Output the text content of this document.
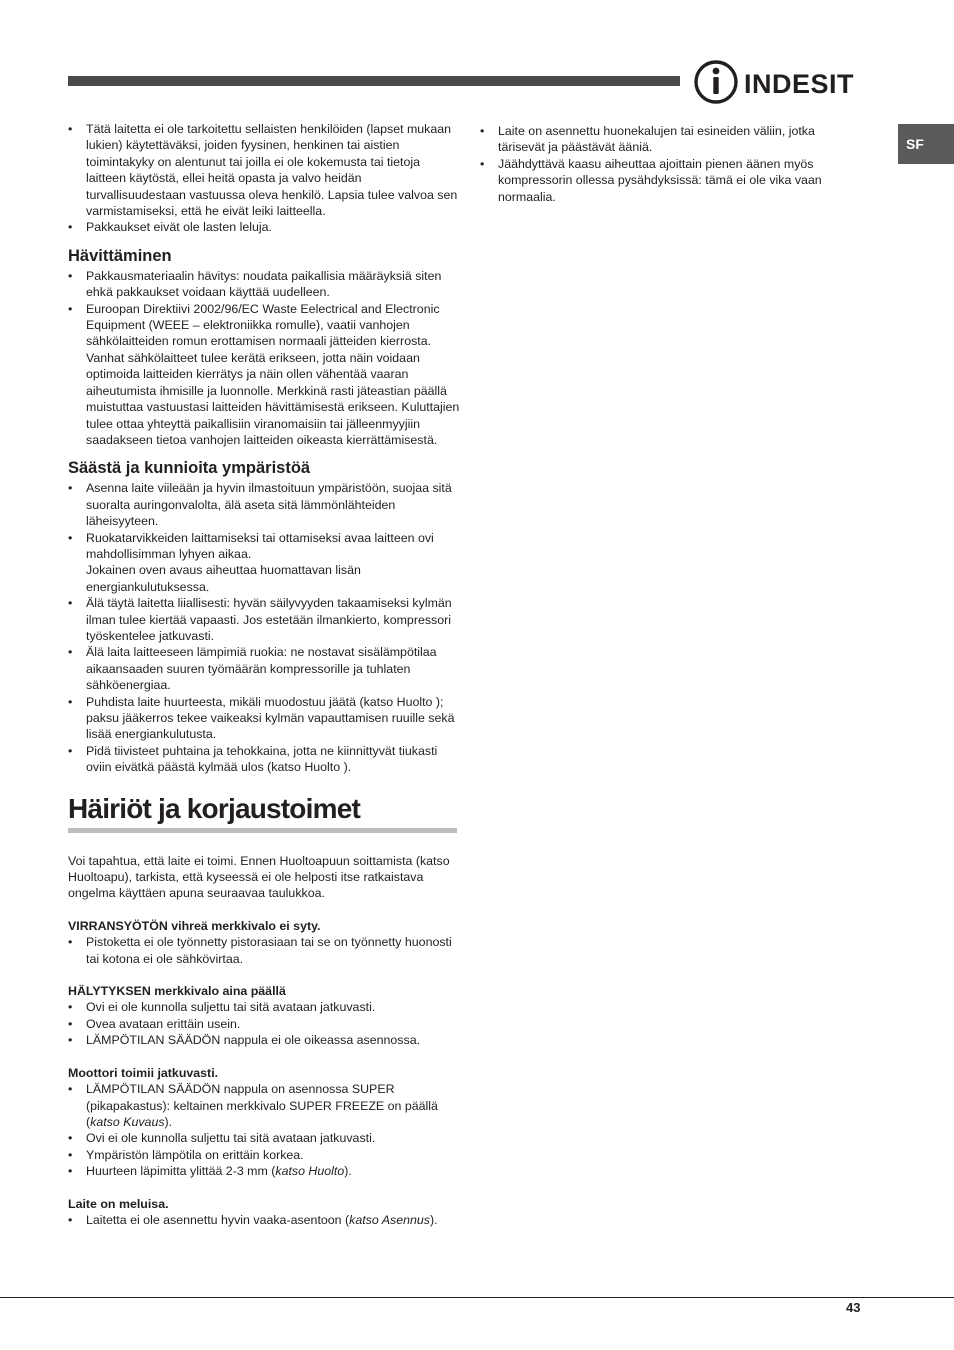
INDESIT
SF
• Tätä laitetta ei ole tarkoitettu sellaisten henkilöiden (lapset mukaan lukien) käytettäväksi, joiden fyysinen, henkinen tai aistien toimintakyky on alentunut tai joilla ei ole kokemusta tai tietoja laitteen käytöstä, ellei heitä opasta ja valvo heidän turvallisuudestaan vastuussa oleva henkilö. Lapsia tulee valvoa sen varmistamiseksi, että he eivät leiki laitteella.
• Pakkaukset eivät ole lasten leluja.
Hävittäminen
• Pakkausmateriaalin hävitys: noudata paikallisia määräyksiä siten ehkä pakkaukset voidaan käyttää uudelleen.
• Euroopan Direktiivi 2002/96/EC Waste Eelectrical and Electronic Equipment (WEEE – elektroniikka romulle), vaatii vanhojen sähkölaitteiden romun erottamisen normaali jätteiden kierrosta. Vanhat sähkölaitteet tulee kerätä erikseen, jotta näin voidaan optimoida laitteiden kierrätys ja näin ollen vähentää vaaran aiheutumista ihmisille ja luonnolle. Merkkinä rasti jäteastian päällä muistuttaa vastuustasi laitteiden hävittämisestä erikseen. Kuluttajien tulee ottaa yhteyttä paikallisiin viranomaisiin tai jälleenmyyjiin saadakseen tietoa vanhojen laitteiden oikeasta kierrättämisestä.
Säästä ja kunnioita ympäristöä
• Asenna laite viileään ja hyvin ilmastoituun ympäristöön, suojaa sitä suoralta auringonvalolta, älä aseta sitä lämmönlähteiden läheisyyteen.
• Ruokatarvikkeiden laittamiseksi tai ottamiseksi avaa laitteen ovi mahdollisimman lyhyen aikaa.
Jokainen oven avaus aiheuttaa huomattavan lisän energiankulutuksessa.
• Älä täytä laitetta liiallisesti: hyvän säilyvyyden takaamiseksi kylmän ilman tulee kiertää vapaasti. Jos estetään ilmankierto, kompressori työskentelee jatkuvasti.
• Älä laita laitteeseen lämpimiä ruokia: ne nostavat sisälämpötilaa aikaansaaden suuren työmäärän kompressorille ja tuhlaten sähköenergiaa.
• Puhdista laite huurteesta, mikäli muodostuu jäätä (katso Huolto ); paksu jääkerros tekee vaikeaksi kylmän vapauttamisen ruuille sekä lisää energiankulutusta.
• Pidä tiivisteet puhtaina ja tehokkaina, jotta ne kiinnittyvät tiukasti oviin eivätkä päästä kylmää ulos (katso Huolto ).
Häiriöt ja korjaustoimet
Voi tapahtua, että laite ei toimi. Ennen Huoltoapuun soittamista (katso Huoltoapu), tarkista, että kyseessä ei ole helposti itse ratkaistava ongelma käyttäen apuna seuraavaa taulukkoa.
VIRRANSYÖTÖN vihreä merkkivalo ei syty.
• Pistoketta ei ole työnnetty pistorasiaan tai se on työnnetty huonosti tai kotona ei ole sähkövirtaa.
HÄLYTYKSEN merkkivalo aina päällä
• Ovi ei ole kunnolla suljettu tai sitä avataan jatkuvasti.
• Ovea avataan erittäin usein.
• LÄMPÖTILAN SÄÄDÖN nappula ei ole oikeassa asennossa.
Moottori toimii jatkuvasti.
• LÄMPÖTILAN SÄÄDÖN nappula on asennossa SUPER (pikapakastus): keltainen merkkivalo SUPER FREEZE on päällä (katso Kuvaus).
• Ovi ei ole kunnolla suljettu tai sitä avataan jatkuvasti.
• Ympäristön lämpötila on erittäin korkea.
• Huurteen läpimitta ylittää 2-3 mm (katso Huolto).
Laite on meluisa.
• Laitetta ei ole asennettu hyvin vaaka-asentoon (katso Asennus).
• Laite on asennettu huonekalujen tai esineiden väliin, jotka tärisevät ja päästävät ääniä.
• Jäähdyttävä kaasu aiheuttaa ajoittain pienen äänen myös kompressorin ollessa pysähdyksissä: tämä ei ole vika vaan normaalia.
43
